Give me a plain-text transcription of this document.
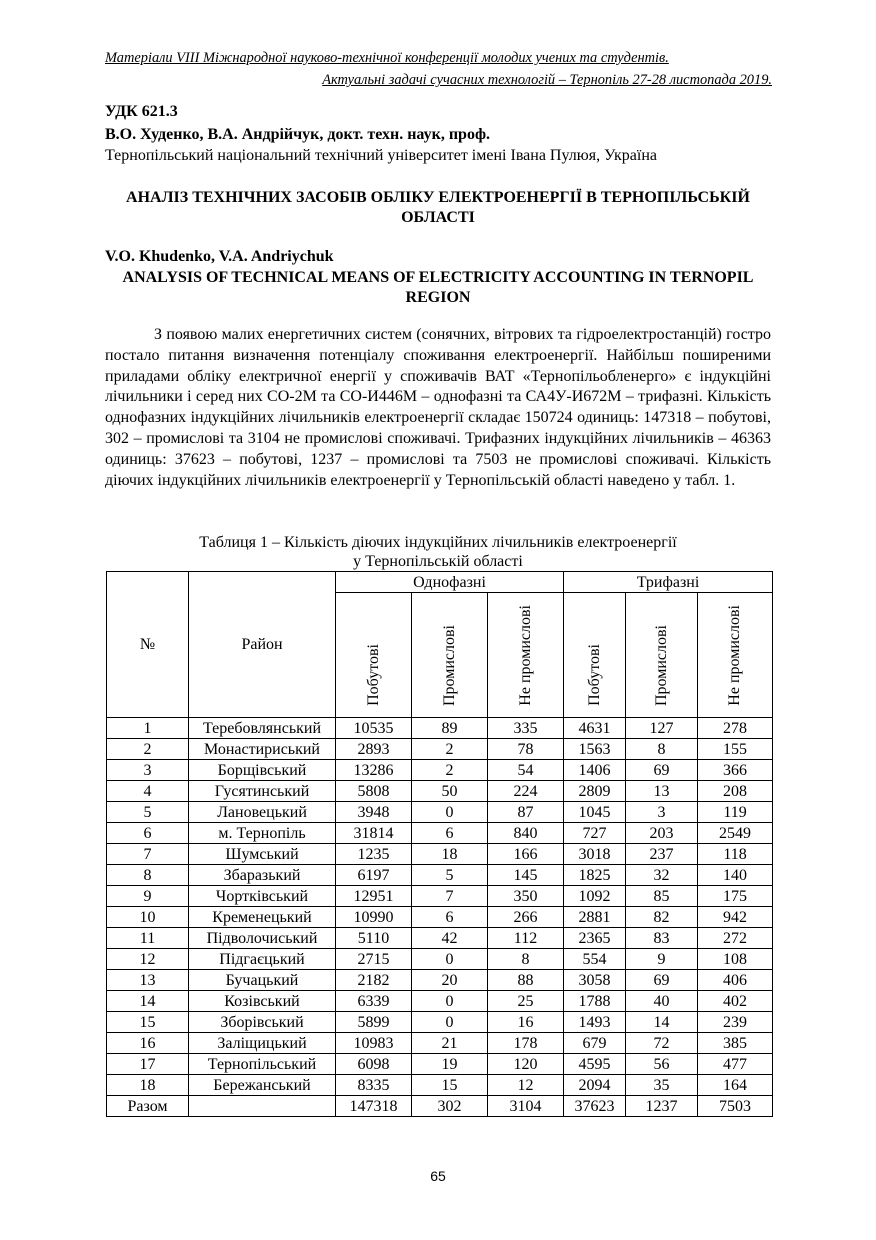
Матеріали VІІI Міжнародної науково-технічної конференції молодих учених та студентів.
Актуальні задачі сучасних технологій – Тернопіль 27-28 листопада 2019.
УДК 621.3
В.О. Худенко, В.А. Андрійчук, докт. техн. наук, проф.
Тернопільський національний технічний університет імені Івана Пулюя, Україна
АНАЛІЗ ТЕХНІЧНИХ ЗАСОБІВ ОБЛІКУ ЕЛЕКТРОЕНЕРГІЇ В ТЕРНОПІЛЬСЬКІЙ ОБЛАСТІ
V.O. Khudenko, V.A. Andriychuk
ANALYSIS OF TECHNICAL MEANS OF ELECTRICITY ACCOUNTING IN TERNOPIL REGION
З появою малих енергетичних систем (сонячних, вітрових та гідроелектростанцій) гостро постало питання визначення потенціалу споживання електроенергії. Найбільш поширеними приладами обліку електричної енергії у споживачів ВАТ «Тернопільобленерго» є індукційні лічильники і серед них СО-2М та СО-И446М – однофазні та СА4У-И672М – трифазні. Кількість однофазних індукційних лічильників електроенергії складає 150724 одиниць: 147318 – побутові, 302 – промислові та 3104 не промислові споживачі. Трифазних індукційних лічильників – 46363 одиниць: 37623 – побутові, 1237 – промислові та 7503 не промислові споживачі. Кількість діючих індукційних лічильників електроенергії у Тернопільській області наведено у табл. 1.
Таблиця 1 – Кількість діючих індукційних лічильників електроенергії
у Тернопільській області
№	Район	Однофазні			Трифазні		
		Побутові	Промислові	Не промислові	Побутові	Промислові	Не промислові
1	Теребовлянський	10535	89	335	4631	127	278
2	Монастириський	2893	2	78	1563	8	155
3	Борщівський	13286	2	54	1406	69	366
4	Гусятинський	5808	50	224	2809	13	208
5	Лановецький	3948	0	87	1045	3	119
6	м. Тернопіль	31814	6	840	727	203	2549
7	Шумський	1235	18	166	3018	237	118
8	Збаразький	6197	5	145	1825	32	140
9	Чортківський	12951	7	350	1092	85	175
10	Кременецький	10990	6	266	2881	82	942
11	Підволочиський	5110	42	112	2365	83	272
12	Підгаєцький	2715	0	8	554	9	108
13	Бучацький	2182	20	88	3058	69	406
14	Козівський	6339	0	25	1788	40	402
15	Зборівський	5899	0	16	1493	14	239
16	Заліщицький	10983	21	178	679	72	385
17	Тернопільський	6098	19	120	4595	56	477
18	Бережанський	8335	15	12	2094	35	164
Разом		147318	302	3104	37623	1237	7503
65
